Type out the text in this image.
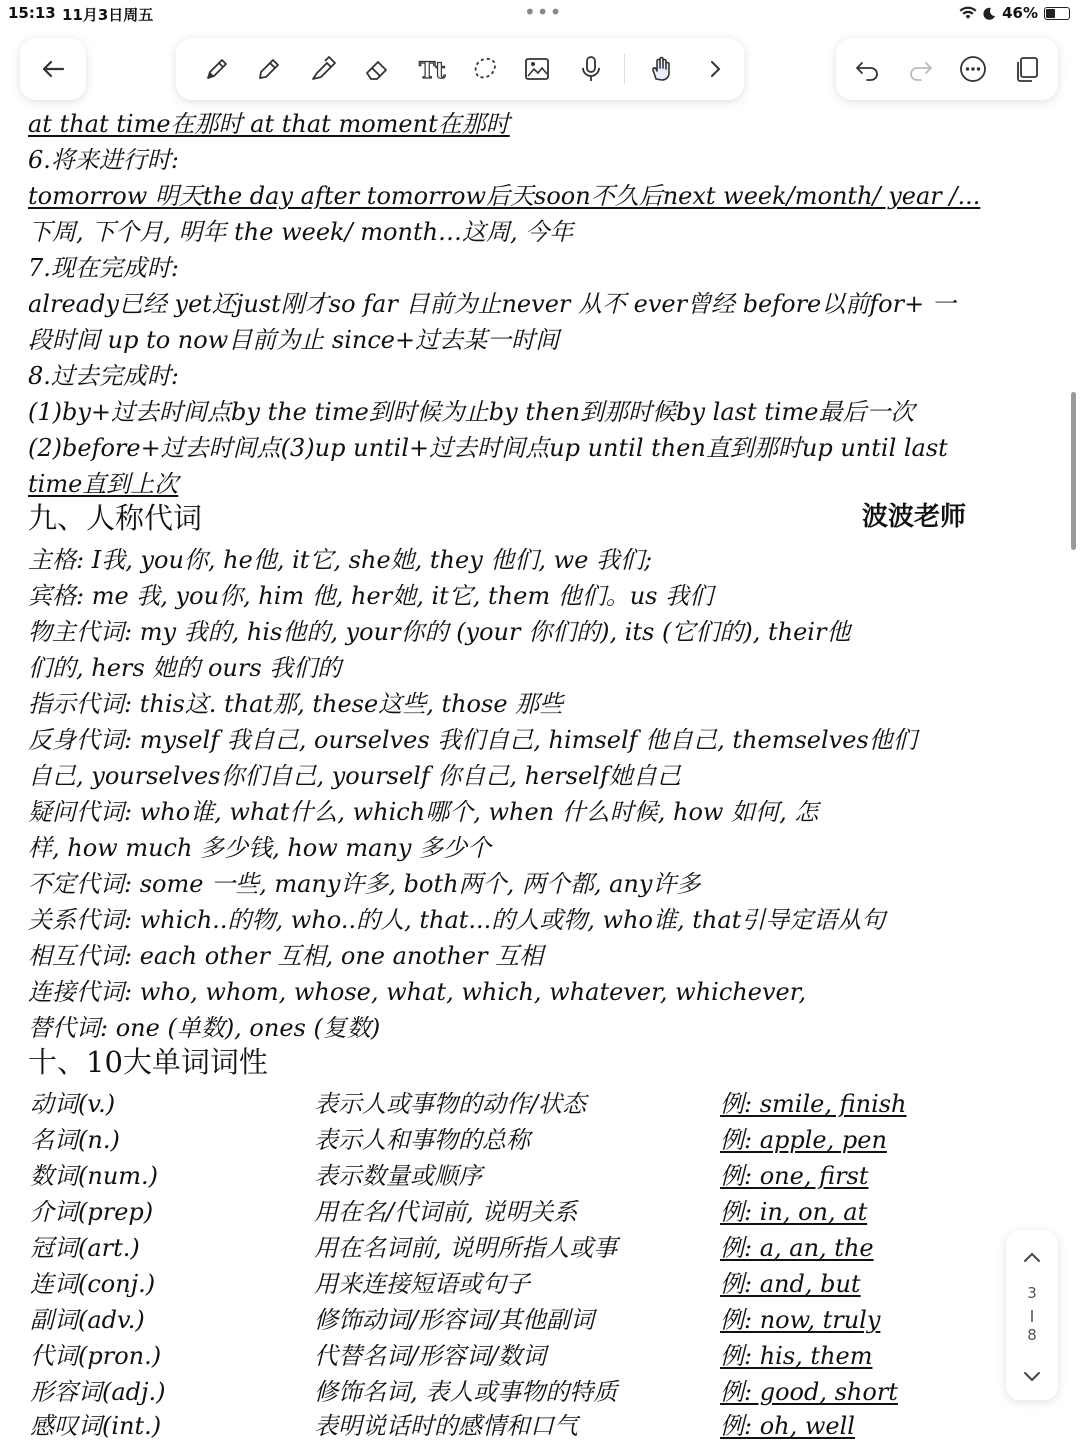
15:13 11月3日周五	•••	46%
Tt
at that time在那时 at that moment在那时
6.将来进行时:
tomorrow 明天the day after tomorrow后天soon不久后next week/month/ year /...
下周, 下个月, 明年 the week/ month…这周, 今年
7.现在完成时:
already已经 yet还just刚才so far 目前为止never 从不 ever曾经 before以前for+ 一
段时间 up to now目前为止 since+过去某一时间
8.过去完成时:
(1)by+过去时间点by the time到时候为止by then到那时候by last time最后一次
(2)before+过去时间点(3)up until+过去时间点up until then直到那时up until last
time直到上次
九、人称代词	波波老师
主格: I我, you你, he他, it它, she她, they 他们, we 我们;
宾格: me 我, you你, him 他, her她, it它, them 他们。us 我们
物主代词: my 我的, his他的, your你的 (your 你们的), its (它们的), their他
们的, hers 她的 ours 我们的
指示代词: this这. that那, these这些, those 那些
反身代词: myself 我自己, ourselves 我们自己, himself 他自己, themselves他们
自己, yourselves你们自己, yourself 你自己, herself她自己
疑问代词: who谁, what什么, which哪个, when 什么时候, how 如何, 怎
样, how much 多少钱, how many 多少个
不定代词: some 一些, many许多, both两个, 两个都, any许多
关系代词: which..的物, who..的人, that...的人或物, who谁, that引导定语从句
相互代词: each other 互相, one another 互相
连接代词: who, whom, whose, what, which, whatever, whichever,
替代词: one (单数), ones (复数)
十、10大单词词性
动词(v.)	表示人或事物的动作/状态	例: smile, finish
名词(n.)	表示人和事物的总称	例: apple, pen
数词(num.)	表示数量或顺序	例: one, first
介词(prep)	用在名/代词前, 说明关系	例: in, on, at
冠词(art.)	用在名词前, 说明所指人或事	例: a, an, the
连词(conj.)	用来连接短语或句子	例: and, but
副词(adv.)	修饰动词/形容词/其他副词	例: now, truly
代词(pron.)	代替名词/形容词/数词	例: his, them
形容词(adj.)	修饰名词, 表人或事物的特质	例: good, short
感叹词(int.)	表明说话时的感情和口气	例: oh, well
3
8
